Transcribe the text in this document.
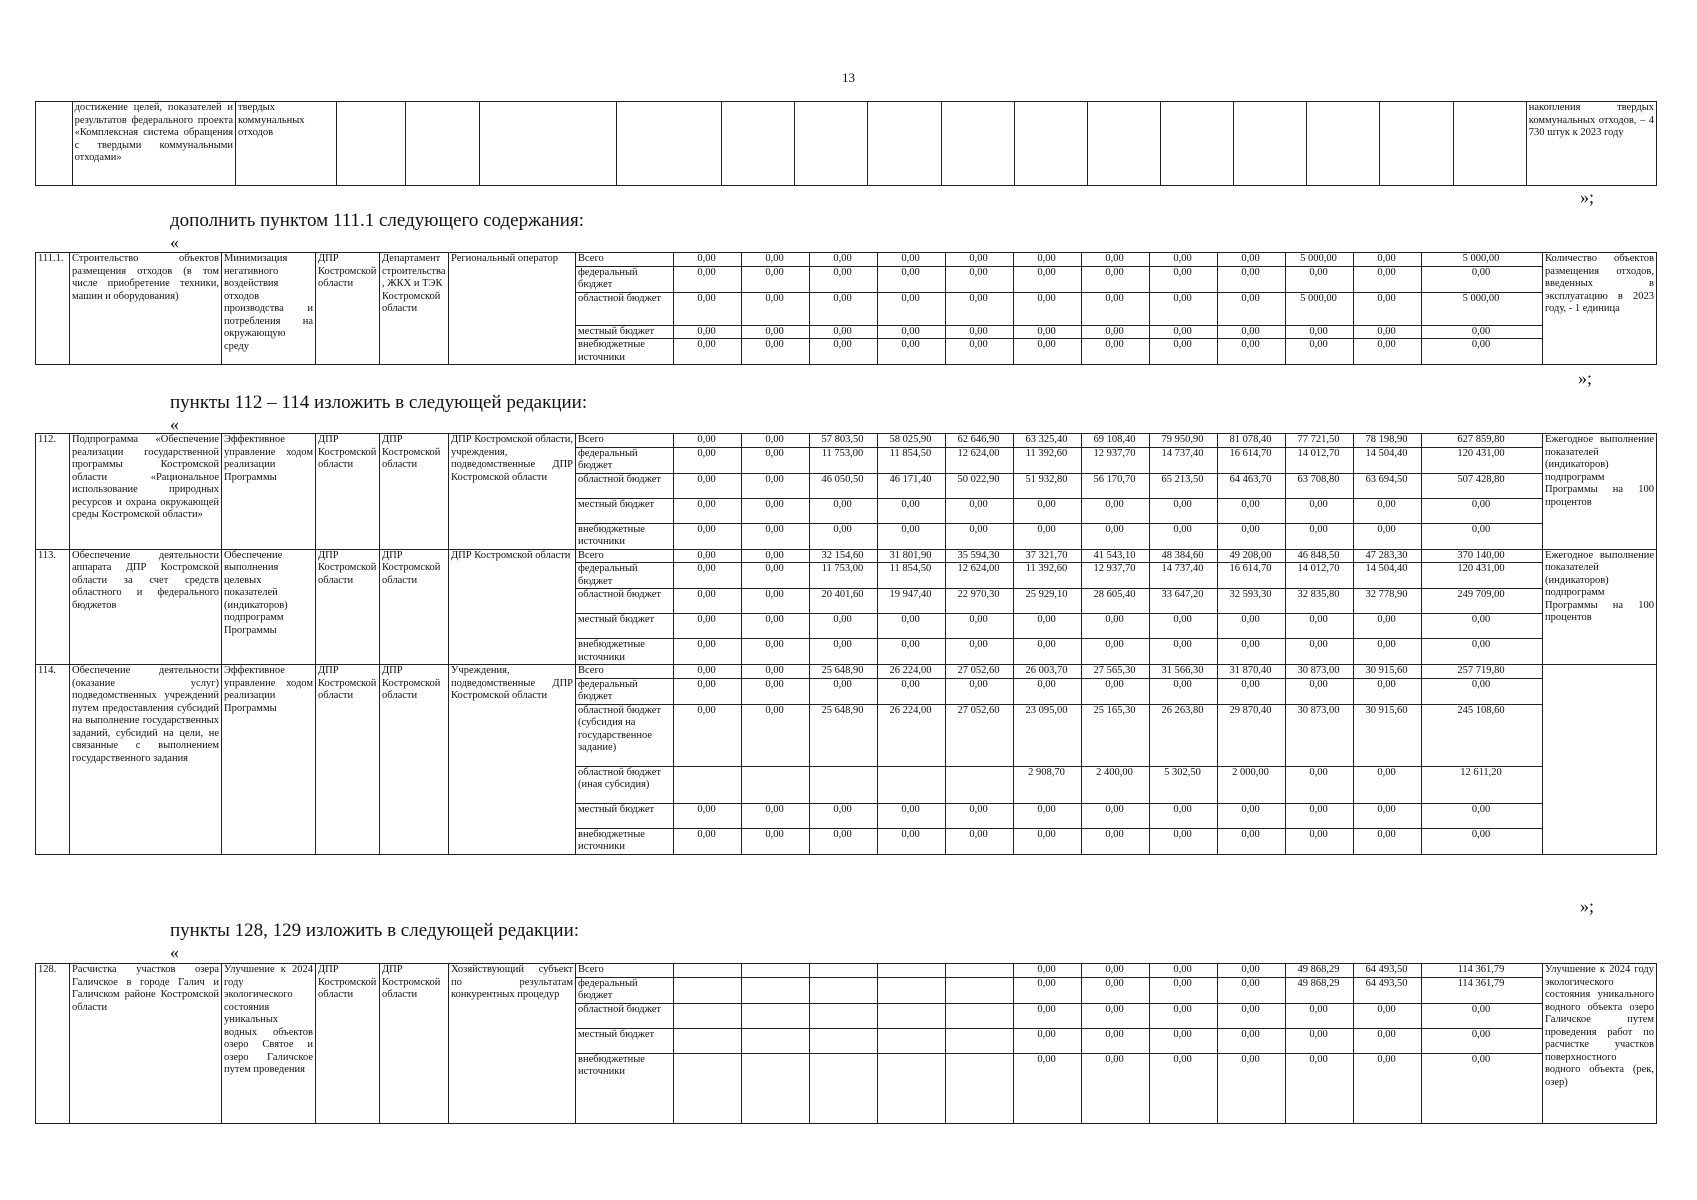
13
	достижение целей, показателей и результатов федерального проекта «Комплексная система обращения с твердыми коммунальными отходами»	твердых коммунальных отходов																накопления твердых коммунальных отходов, – 4 730 штук к 2023 году
»;
дополнить пунктом 111.1 следующего содержания:
«
111.1.	Строительство объектов размещения отходов (в том числе приобретение техники, машин и оборудования)	Минимизация негативного воздействия отходов производства и потребления на окружающую среду	ДПР Костромской области	Департамент строительства, ЖКХ и ТЭК Костромской области	Региональный оператор	Всего	0,00	0,00	0,00	0,00	0,00	0,00	0,00	0,00	0,00	5 000,00	0,00	5 000,00	Количество объектов размещения отходов, введенных в эксплуатацию в 2023 году, - 1 единица
						федеральный бюджет	0,00	0,00	0,00	0,00	0,00	0,00	0,00	0,00	0,00	0,00	0,00	0,00	
						областной бюджет	0,00	0,00	0,00	0,00	0,00	0,00	0,00	0,00	0,00	5 000,00	0,00	5 000,00	
						местный бюджет	0,00	0,00	0,00	0,00	0,00	0,00	0,00	0,00	0,00	0,00	0,00	0,00	
						внебюджетные источники	0,00	0,00	0,00	0,00	0,00	0,00	0,00	0,00	0,00	0,00	0,00	0,00	
»;
пункты 112 – 114 изложить в следующей редакции:
«
112.	Подпрограмма «Обеспечение реализации государственной программы Костромской области «Рациональное использование природных ресурсов и охрана окружающей среды Костромской области»	Эффективное управление ходом реализации Программы	ДПР Костромской области	ДПР Костромской области	ДПР Костромской области, учреждения, подведомственные ДПР Костромской области	Всего	0,00	0,00	57 803,50	58 025,90	62 646,90	63 325,40	69 108,40	79 950,90	81 078,40	77 721,50	78 198,90	627 859,80	Ежегодное выполнение показателей (индикаторов) подпрограмм Программы на 100 процентов
						федеральный бюджет	0,00	0,00	11 753,00	11 854,50	12 624,00	11 392,60	12 937,70	14 737,40	16 614,70	14 012,70	14 504,40	120 431,00	
						областной бюджет	0,00	0,00	46 050,50	46 171,40	50 022,90	51 932,80	56 170,70	65 213,50	64 463,70	63 708,80	63 694,50	507 428,80	
						местный бюджет	0,00	0,00	0,00	0,00	0,00	0,00	0,00	0,00	0,00	0,00	0,00	0,00	
						внебюджетные источники	0,00	0,00	0,00	0,00	0,00	0,00	0,00	0,00	0,00	0,00	0,00	0,00	
113.	Обеспечение деятельности аппарата ДПР Костромской области за счет средств областного и федерального бюджетов	Обеспечение выполнения целевых показателей (индикаторов) подпрограмм Программы	ДПР Костромской области	ДПР Костромской области	ДПР Костромской области	Всего	0,00	0,00	32 154,60	31 801,90	35 594,30	37 321,70	41 543,10	48 384,60	49 208,00	46 848,50	47 283,30	370 140,00	Ежегодное выполнение показателей (индикаторов) подпрограмм Программы на 100 процентов
						федеральный бюджет	0,00	0,00	11 753,00	11 854,50	12 624,00	11 392,60	12 937,70	14 737,40	16 614,70	14 012,70	14 504,40	120 431,00	
						областной бюджет	0,00	0,00	20 401,60	19 947,40	22 970,30	25 929,10	28 605,40	33 647,20	32 593,30	32 835,80	32 778,90	249 709,00	
						местный бюджет	0,00	0,00	0,00	0,00	0,00	0,00	0,00	0,00	0,00	0,00	0,00	0,00	
						внебюджетные источники	0,00	0,00	0,00	0,00	0,00	0,00	0,00	0,00	0,00	0,00	0,00	0,00	
114.	Обеспечение деятельности (оказание услуг) подведомственных учреждений путем предоставления субсидий на выполнение государственных заданий, субсидий на цели, не связанные с выполнением государственного задания	Эффективное управление ходом реализации Программы	ДПР Костромской области	ДПР Костромской области	Учреждения, подведомственные ДПР Костромской области	Всего	0,00	0,00	25 648,90	26 224,00	27 052,60	26 003,70	27 565,30	31 566,30	31 870,40	30 873,00	30 915,60	257 719,80	
						федеральный бюджет	0,00	0,00	0,00	0,00	0,00	0,00	0,00	0,00	0,00	0,00	0,00	0,00	
						областной бюджет (субсидия на государственное задание)	0,00	0,00	25 648,90	26 224,00	27 052,60	23 095,00	25 165,30	26 263,80	29 870,40	30 873,00	30 915,60	245 108,60	
						областной бюджет (иная субсидия)						2 908,70	2 400,00	5 302,50	2 000,00	0,00	0,00	12 611,20	
						местный бюджет	0,00	0,00	0,00	0,00	0,00	0,00	0,00	0,00	0,00	0,00	0,00	0,00	
						внебюджетные источники	0,00	0,00	0,00	0,00	0,00	0,00	0,00	0,00	0,00	0,00	0,00	0,00	
»;
пункты 128, 129 изложить в следующей редакции:
«
128.	Расчистка участков озера Галичское в городе Галич и Галичском районе Костромской области	Улучшение к 2024 году экологического состояния уникальных водных объектов озеро Святое и озеро Галичское путем проведения	ДПР Костромской области	ДПР Костромской области	Хозяйствующий субъект по результатам конкурентных процедур	Всего						0,00	0,00	0,00	0,00	49 868,29	64 493,50	114 361,79	Улучшение к 2024 году экологического состояния уникального водного объекта озеро Галичское путем проведения работ по расчистке участков поверхностного водного объекта (рек, озер)
						федеральный бюджет						0,00	0,00	0,00	0,00	49 868,29	64 493,50	114 361,79	
						областной бюджет						0,00	0,00	0,00	0,00	0,00	0,00	0,00	
						местный бюджет						0,00	0,00	0,00	0,00	0,00	0,00	0,00	
						внебюджетные источники						0,00	0,00	0,00	0,00	0,00	0,00	0,00	
